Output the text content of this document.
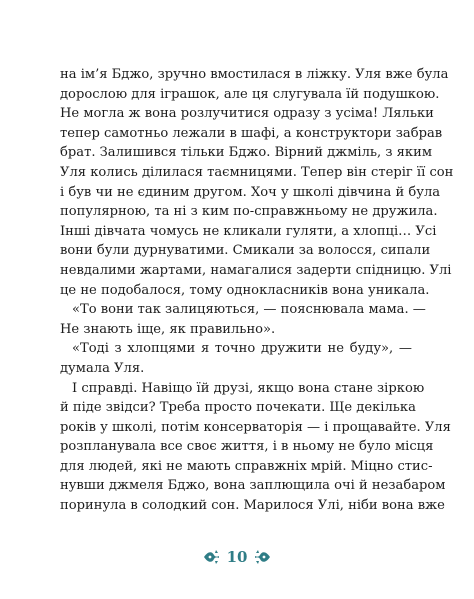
на ім’я Бджо, зручно вмостилася в ліжку. Уля вже була
дорослою для іграшок, але ця слугувала їй подушкою.
Не могла ж вона розлучитися одразу з усіма! Ляльки
тепер самотньо лежали в шафі, а конструктори забрав
брат. Залишився тільки Бджо. Вірний джміль, з яким
Уля колись ділилася таємницями. Тепер він стеріг її сон
і був чи не єдиним другом. Хоч у школі дівчина й була
популярною, та ні з ким по-справжньому не дружила.
Інші дівчата чомусь не кликали гуляти, а хлопці… Усі
вони були дурнуватими. Смикали за волосся, сипали
невдалими жартами, намагалися задерти спідницю. Улі
це не подобалося, тому однокласників вона уникала.
«То вони так залицяються, — пояснювала мама. —
Не знають іще, як правильно».
«Тоді з хлопцями я точно дружити не буду», —
думала Уля.
І справді. Навіщо їй друзі, якщо вона стане зіркою
й піде звідси? Треба просто почекати. Ще декілька
років у школі, потім консерваторія — і прощавайте. Уля
розпланувала все своє життя, і в ньому не було місця
для людей, які не мають справжніх мрій. Міцно стис-
нувши джмеля Бджо, вона заплющила очі й незабаром
поринула в солодкий сон. Марилося Улі, ніби вона вже
10
